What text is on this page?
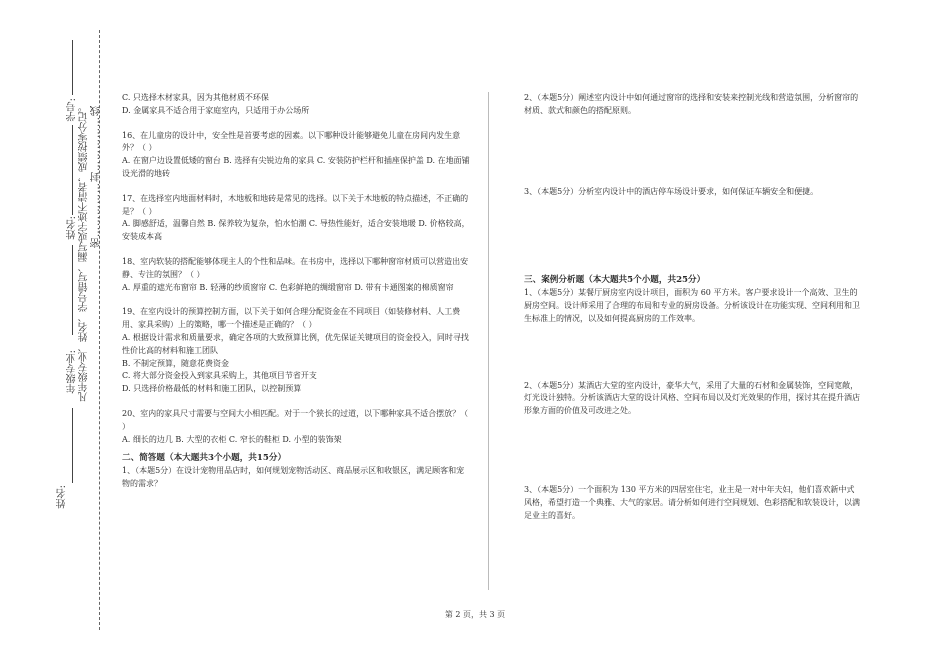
学号:
姓名:
年级专业:
姓名:
凡年级专业、姓名、学号错写、漏写或字迹不清者，成绩按零分记。 密……………封……………线

C. 只选择木材家具，因为其他材质不环保

D. 金属家具不适合用于家庭室内，只适用于办公场所

16、在儿童房的设计中，安全性是首要考虑的因素。以下哪种设计能够避免儿童在房间内发生意外？（ ）

A. 在窗户边设置低矮的窗台 B. 选择有尖锐边角的家具 C. 安装防护栏杆和插座保护盖 D. 在地面铺设光滑的地砖

17、在选择室内地面材料时，木地板和地砖是常见的选择。以下关于木地板的特点描述，不正确的是？（ ）

A. 脚感舒适，温馨自然 B. 保养较为复杂，怕水怕潮 C. 导热性能好，适合安装地暖 D. 价格较高，安装成本高

18、室内软装的搭配能够体现主人的个性和品味。在书房中，选择以下哪种窗帘材质可以营造出安静、专注的氛围？（ ）

A. 厚重的遮光布窗帘 B. 轻薄的纱质窗帘 C. 色彩鲜艳的绸缎窗帘 D. 带有卡通图案的棉质窗帘

19、在室内设计的预算控制方面，以下关于如何合理分配资金在不同项目（如装修材料、人工费用、家具采购）上的策略，哪一个描述是正确的？（ ）

A. 根据设计需求和质量要求，确定各项的大致预算比例，优先保证关键项目的资金投入，同时寻找性价比高的材料和施工团队

B. 不制定预算，随意花费资金

C. 将大部分资金投入到家具采购上，其他项目节省开支

D. 只选择价格最低的材料和施工团队，以控制预算

20、室内的家具尺寸需要与空间大小相匹配。对于一个狭长的过道，以下哪种家具不适合摆放？（ ）

A. 细长的边几 B. 大型的衣柜 C. 窄长的鞋柜 D. 小型的装饰架

二、简答题（本大题共3个小题，共15分）

1、（本题5分）在设计宠物用品店时，如何规划宠物活动区、商品展示区和收银区，满足顾客和宠物的需求？

2、（本题5分）阐述室内设计中如何通过窗帘的选择和安装来控制光线和营造氛围，分析窗帘的材质、款式和颜色的搭配原则。

3、（本题5分）分析室内设计中的酒店停车场设计要求，如何保证车辆安全和便捷。

三、案例分析题（本大题共5个小题，共25分）

1、（本题5分）某餐厅厨房室内设计项目，面积为 60 平方米。客户要求设计一个高效、卫生的厨房空间。设计师采用了合理的布局和专业的厨房设备。分析该设计在功能实现、空间利用和卫生标准上的情况，以及如何提高厨房的工作效率。

2、（本题5分）某酒店大堂的室内设计，豪华大气，采用了大量的石材和金属装饰，空间宽敞，灯光设计独特。分析该酒店大堂的设计风格、空间布局以及灯光效果的作用，探讨其在提升酒店形象方面的价值及可改进之处。

3、（本题5分）一个面积为 130 平方米的四居室住宅，业主是一对中年夫妇，他们喜欢新中式风格，希望打造一个典雅、大气的家居。请分析如何进行空间规划、色彩搭配和软装设计，以满足业主的喜好。

第 2 页，共 3 页
